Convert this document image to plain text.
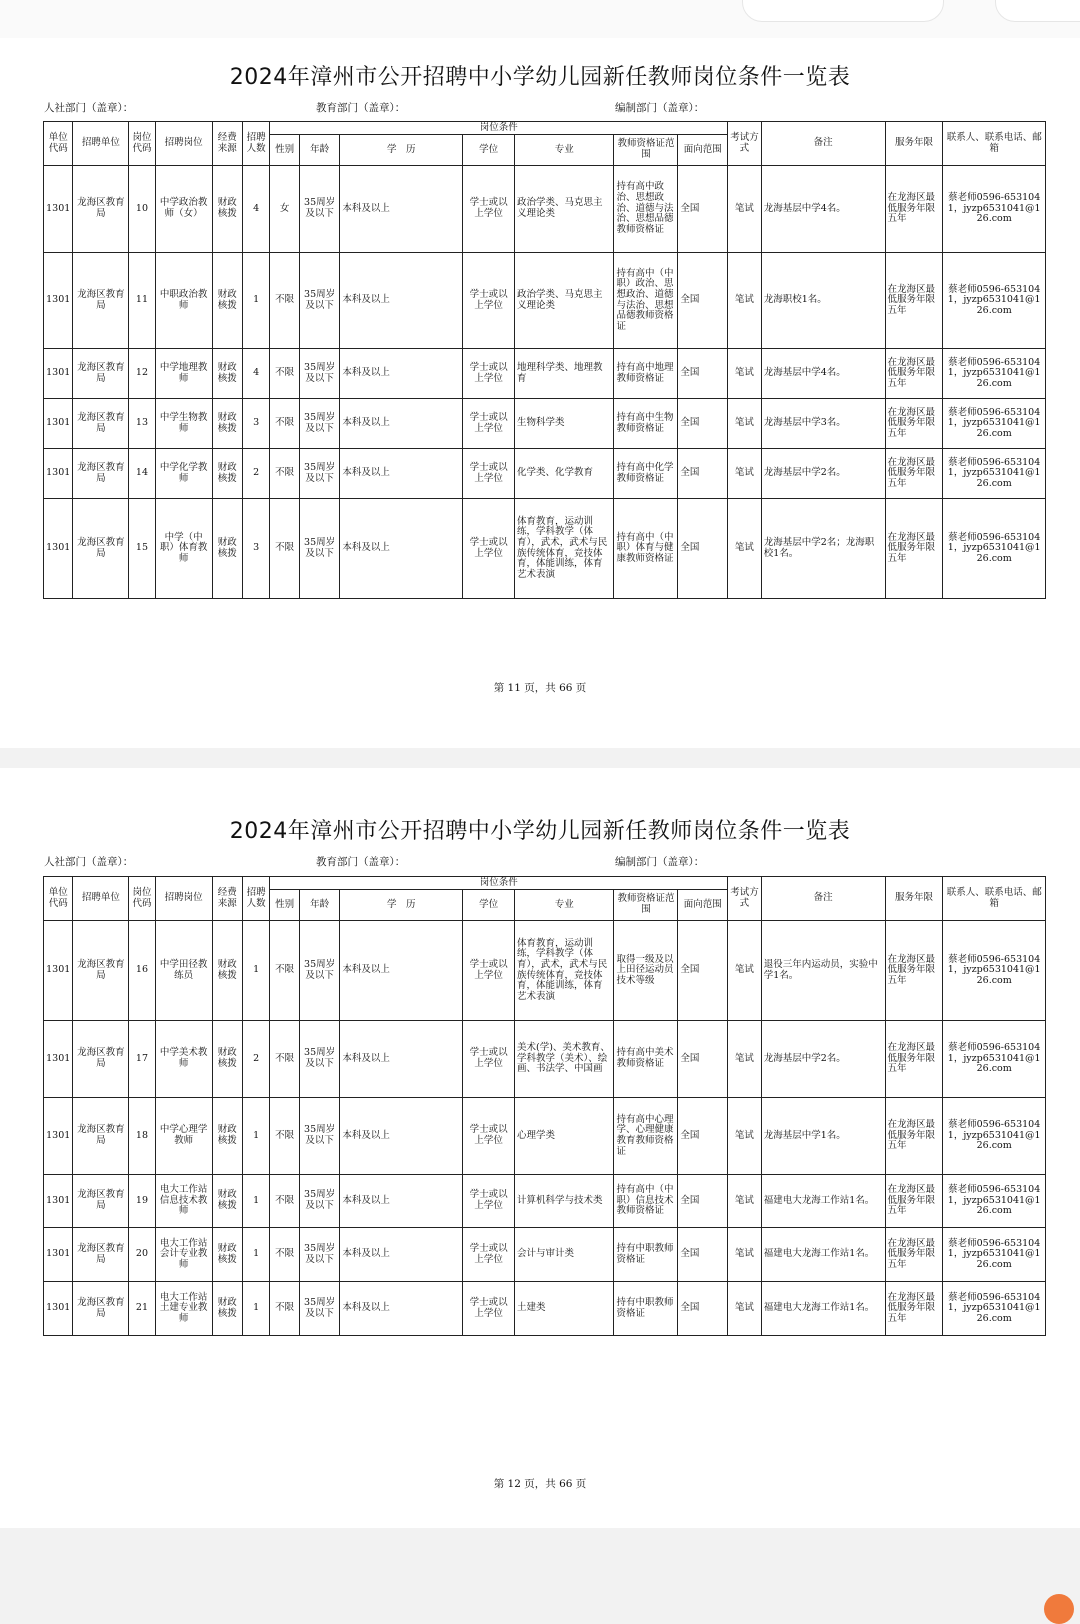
2024年漳州市公开招聘中小学幼儿园新任教师岗位条件一览表
人社部门（盖章）：	教育部门（盖章）：	编制部门（盖章）：
单位代码	招聘单位	岗位代码	招聘岗位	经费来源	招聘人数	岗位条件							考试方式	备注	服务年限	联系人、联系电话、邮箱
						性别	年龄	学　历	学位	专业	教师资格证范围	面向范围				
1301	龙海区教育局	10	中学政治教师（女）	财政核拨	4	女	35周岁及以下	本科及以上	学士或以上学位	政治学类、马克思主义理论类	持有高中政治、思想政治、道德与法治、思想品德教师资格证	全国	笔试	龙海基层中学4名。	在龙海区最低服务年限五年	蔡老师0596-6531041，jyzp6531041@126.com
1301	龙海区教育局	11	中职政治教师	财政核拨	1	不限	35周岁及以下	本科及以上	学士或以上学位	政治学类、马克思主义理论类	持有高中（中职）政治、思想政治、道德与法治、思想品德教师资格证	全国	笔试	龙海职校1名。	在龙海区最低服务年限五年	蔡老师0596-6531041，jyzp6531041@126.com
1301	龙海区教育局	12	中学地理教师	财政核拨	4	不限	35周岁及以下	本科及以上	学士或以上学位	地理科学类、地理教育	持有高中地理教师资格证	全国	笔试	龙海基层中学4名。	在龙海区最低服务年限五年	蔡老师0596-6531041，jyzp6531041@126.com
1301	龙海区教育局	13	中学生物教师	财政核拨	3	不限	35周岁及以下	本科及以上	学士或以上学位	生物科学类	持有高中生物教师资格证	全国	笔试	龙海基层中学3名。	在龙海区最低服务年限五年	蔡老师0596-6531041，jyzp6531041@126.com
1301	龙海区教育局	14	中学化学教师	财政核拨	2	不限	35周岁及以下	本科及以上	学士或以上学位	化学类、化学教育	持有高中化学教师资格证	全国	笔试	龙海基层中学2名。	在龙海区最低服务年限五年	蔡老师0596-6531041，jyzp6531041@126.com
1301	龙海区教育局	15	中学（中职）体育教师	财政核拨	3	不限	35周岁及以下	本科及以上	学士或以上学位	体育教育，运动训练，学科教学（体育），武术，武术与民族传统体育，竞技体育，体能训练，体育艺术表演	持有高中（中职）体育与健康教师资格证	全国	笔试	龙海基层中学2名；龙海职校1名。	在龙海区最低服务年限五年	蔡老师0596-6531041，jyzp6531041@126.com
第 11 页，共 66 页
2024年漳州市公开招聘中小学幼儿园新任教师岗位条件一览表
人社部门（盖章）：	教育部门（盖章）：	编制部门（盖章）：
单位代码	招聘单位	岗位代码	招聘岗位	经费来源	招聘人数	岗位条件							考试方式	备注	服务年限	联系人、联系电话、邮箱
						性别	年龄	学　历	学位	专业	教师资格证范围	面向范围				
1301	龙海区教育局	16	中学田径教练员	财政核拨	1	不限	35周岁及以下	本科及以上	学士或以上学位	体育教育，运动训练，学科教学（体育），武术，武术与民族传统体育，竞技体育，体能训练，体育艺术表演	取得一级及以上田径运动员技术等级	全国	笔试	退役三年内运动员，实验中学1名。	在龙海区最低服务年限五年	蔡老师0596-6531041，jyzp6531041@126.com
1301	龙海区教育局	17	中学美术教师	财政核拨	2	不限	35周岁及以下	本科及以上	学士或以上学位	美术(学)、美术教育、学科教学（美术）、绘画、书法学、中国画	持有高中美术教师资格证	全国	笔试	龙海基层中学2名。	在龙海区最低服务年限五年	蔡老师0596-6531041，jyzp6531041@126.com
1301	龙海区教育局	18	中学心理学教师	财政核拨	1	不限	35周岁及以下	本科及以上	学士或以上学位	心理学类	持有高中心理学、心理健康教育教师资格证	全国	笔试	龙海基层中学1名。	在龙海区最低服务年限五年	蔡老师0596-6531041，jyzp6531041@126.com
1301	龙海区教育局	19	电大工作站信息技术教师	财政核拨	1	不限	35周岁及以下	本科及以上	学士或以上学位	计算机科学与技术类	持有高中（中职）信息技术教师资格证	全国	笔试	福建电大龙海工作站1名。	在龙海区最低服务年限五年	蔡老师0596-6531041，jyzp6531041@126.com
1301	龙海区教育局	20	电大工作站会计专业教师	财政核拨	1	不限	35周岁及以下	本科及以上	学士或以上学位	会计与审计类	持有中职教师资格证	全国	笔试	福建电大龙海工作站1名。	在龙海区最低服务年限五年	蔡老师0596-6531041，jyzp6531041@126.com
1301	龙海区教育局	21	电大工作站土建专业教师	财政核拨	1	不限	35周岁及以下	本科及以上	学士或以上学位	土建类	持有中职教师资格证	全国	笔试	福建电大龙海工作站1名。	在龙海区最低服务年限五年	蔡老师0596-6531041，jyzp6531041@126.com
第 12 页，共 66 页
